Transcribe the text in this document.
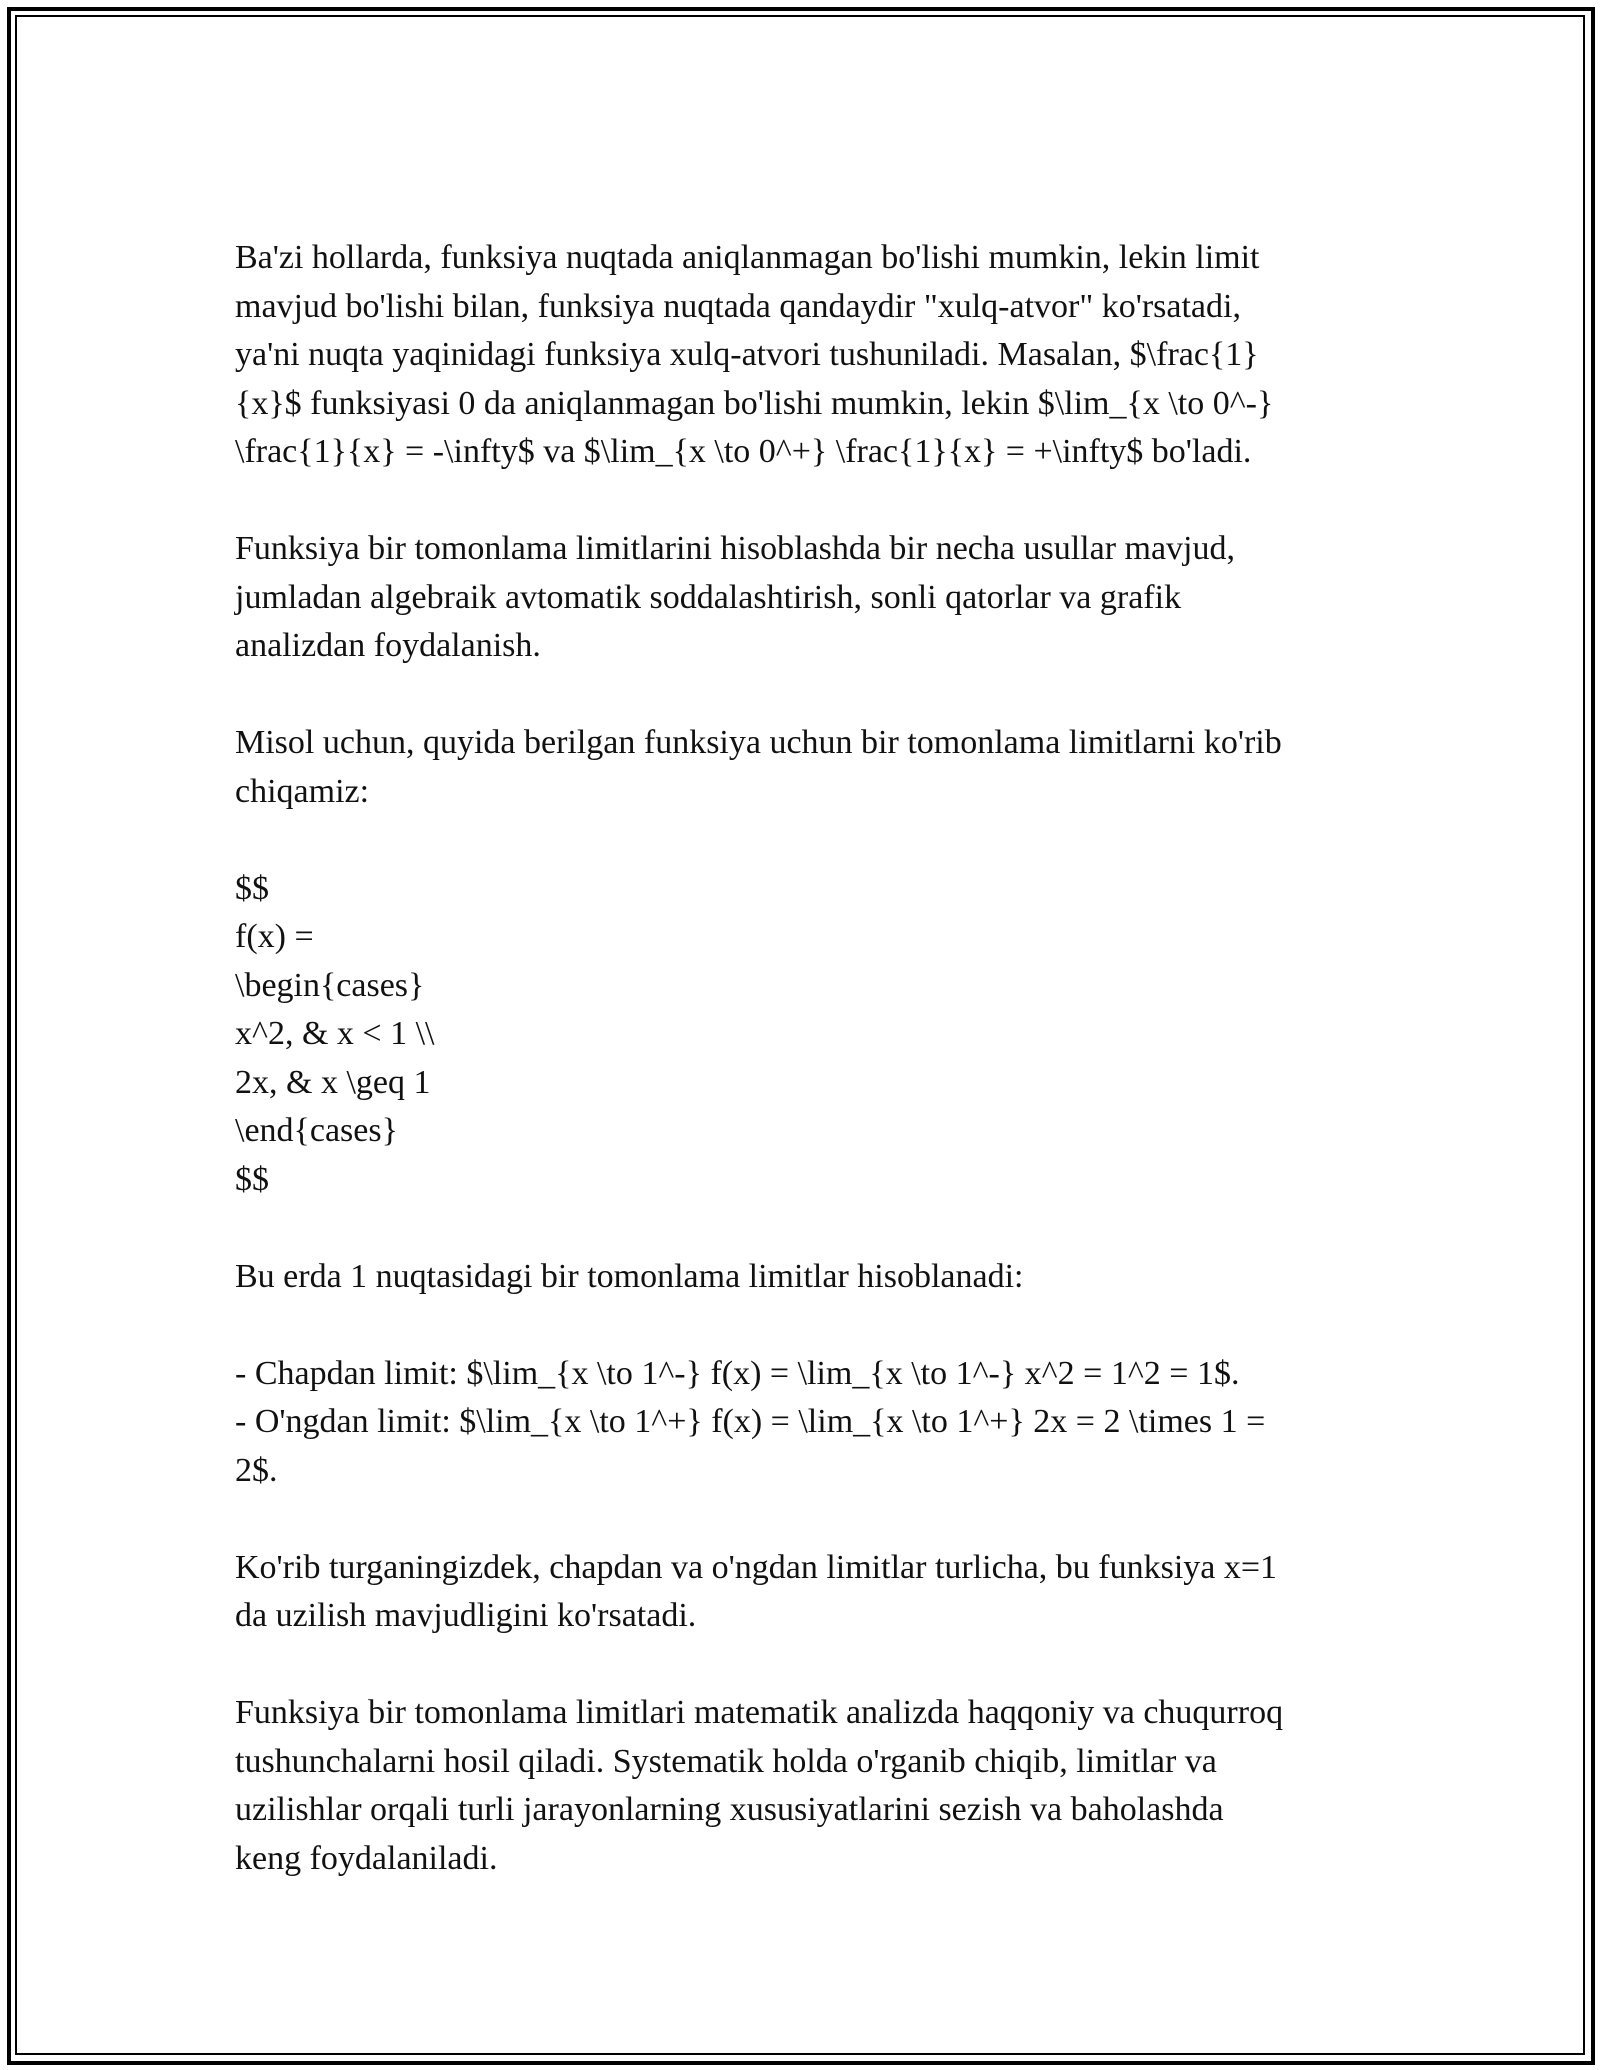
Ba'zi hollarda, funksiya nuqtada aniqlanmagan bo'lishi mumkin, lekin limit
mavjud bo'lishi bilan, funksiya nuqtada qandaydir "xulq-atvor" ko'rsatadi,
ya'ni nuqta yaqinidagi funksiya xulq-atvori tushuniladi. Masalan, $\frac{1}
{x}$ funksiyasi 0 da aniqlanmagan bo'lishi mumkin, lekin $\lim_{x \to 0^-}
\frac{1}{x} = -\infty$ va $\lim_{x \to 0^+} \frac{1}{x} = +\infty$ bo'ladi.
Funksiya bir tomonlama limitlarini hisoblashda bir necha usullar mavjud,
jumladan algebraik avtomatik soddalashtirish, sonli qatorlar va grafik
analizdan foydalanish.
Misol uchun, quyida berilgan funksiya uchun bir tomonlama limitlarni ko'rib
chiqamiz:
$$
f(x) =
\begin{cases}
x^2, & x < 1 \\
2x, & x \geq 1
\end{cases}
$$
Bu erda 1 nuqtasidagi bir tomonlama limitlar hisoblanadi:
- Chapdan limit: $\lim_{x \to 1^-} f(x) = \lim_{x \to 1^-} x^2 = 1^2 = 1$.
- O'ngdan limit: $\lim_{x \to 1^+} f(x) = \lim_{x \to 1^+} 2x = 2 \times 1 =
2$.
Ko'rib turganingizdek, chapdan va o'ngdan limitlar turlicha, bu funksiya x=1
da uzilish mavjudligini ko'rsatadi.
Funksiya bir tomonlama limitlari matematik analizda haqqoniy va chuqurroq
tushunchalarni hosil qiladi. Systematik holda o'rganib chiqib, limitlar va
uzilishlar orqali turli jarayonlarning xususiyatlarini sezish va baholashda
keng foydalaniladi.
